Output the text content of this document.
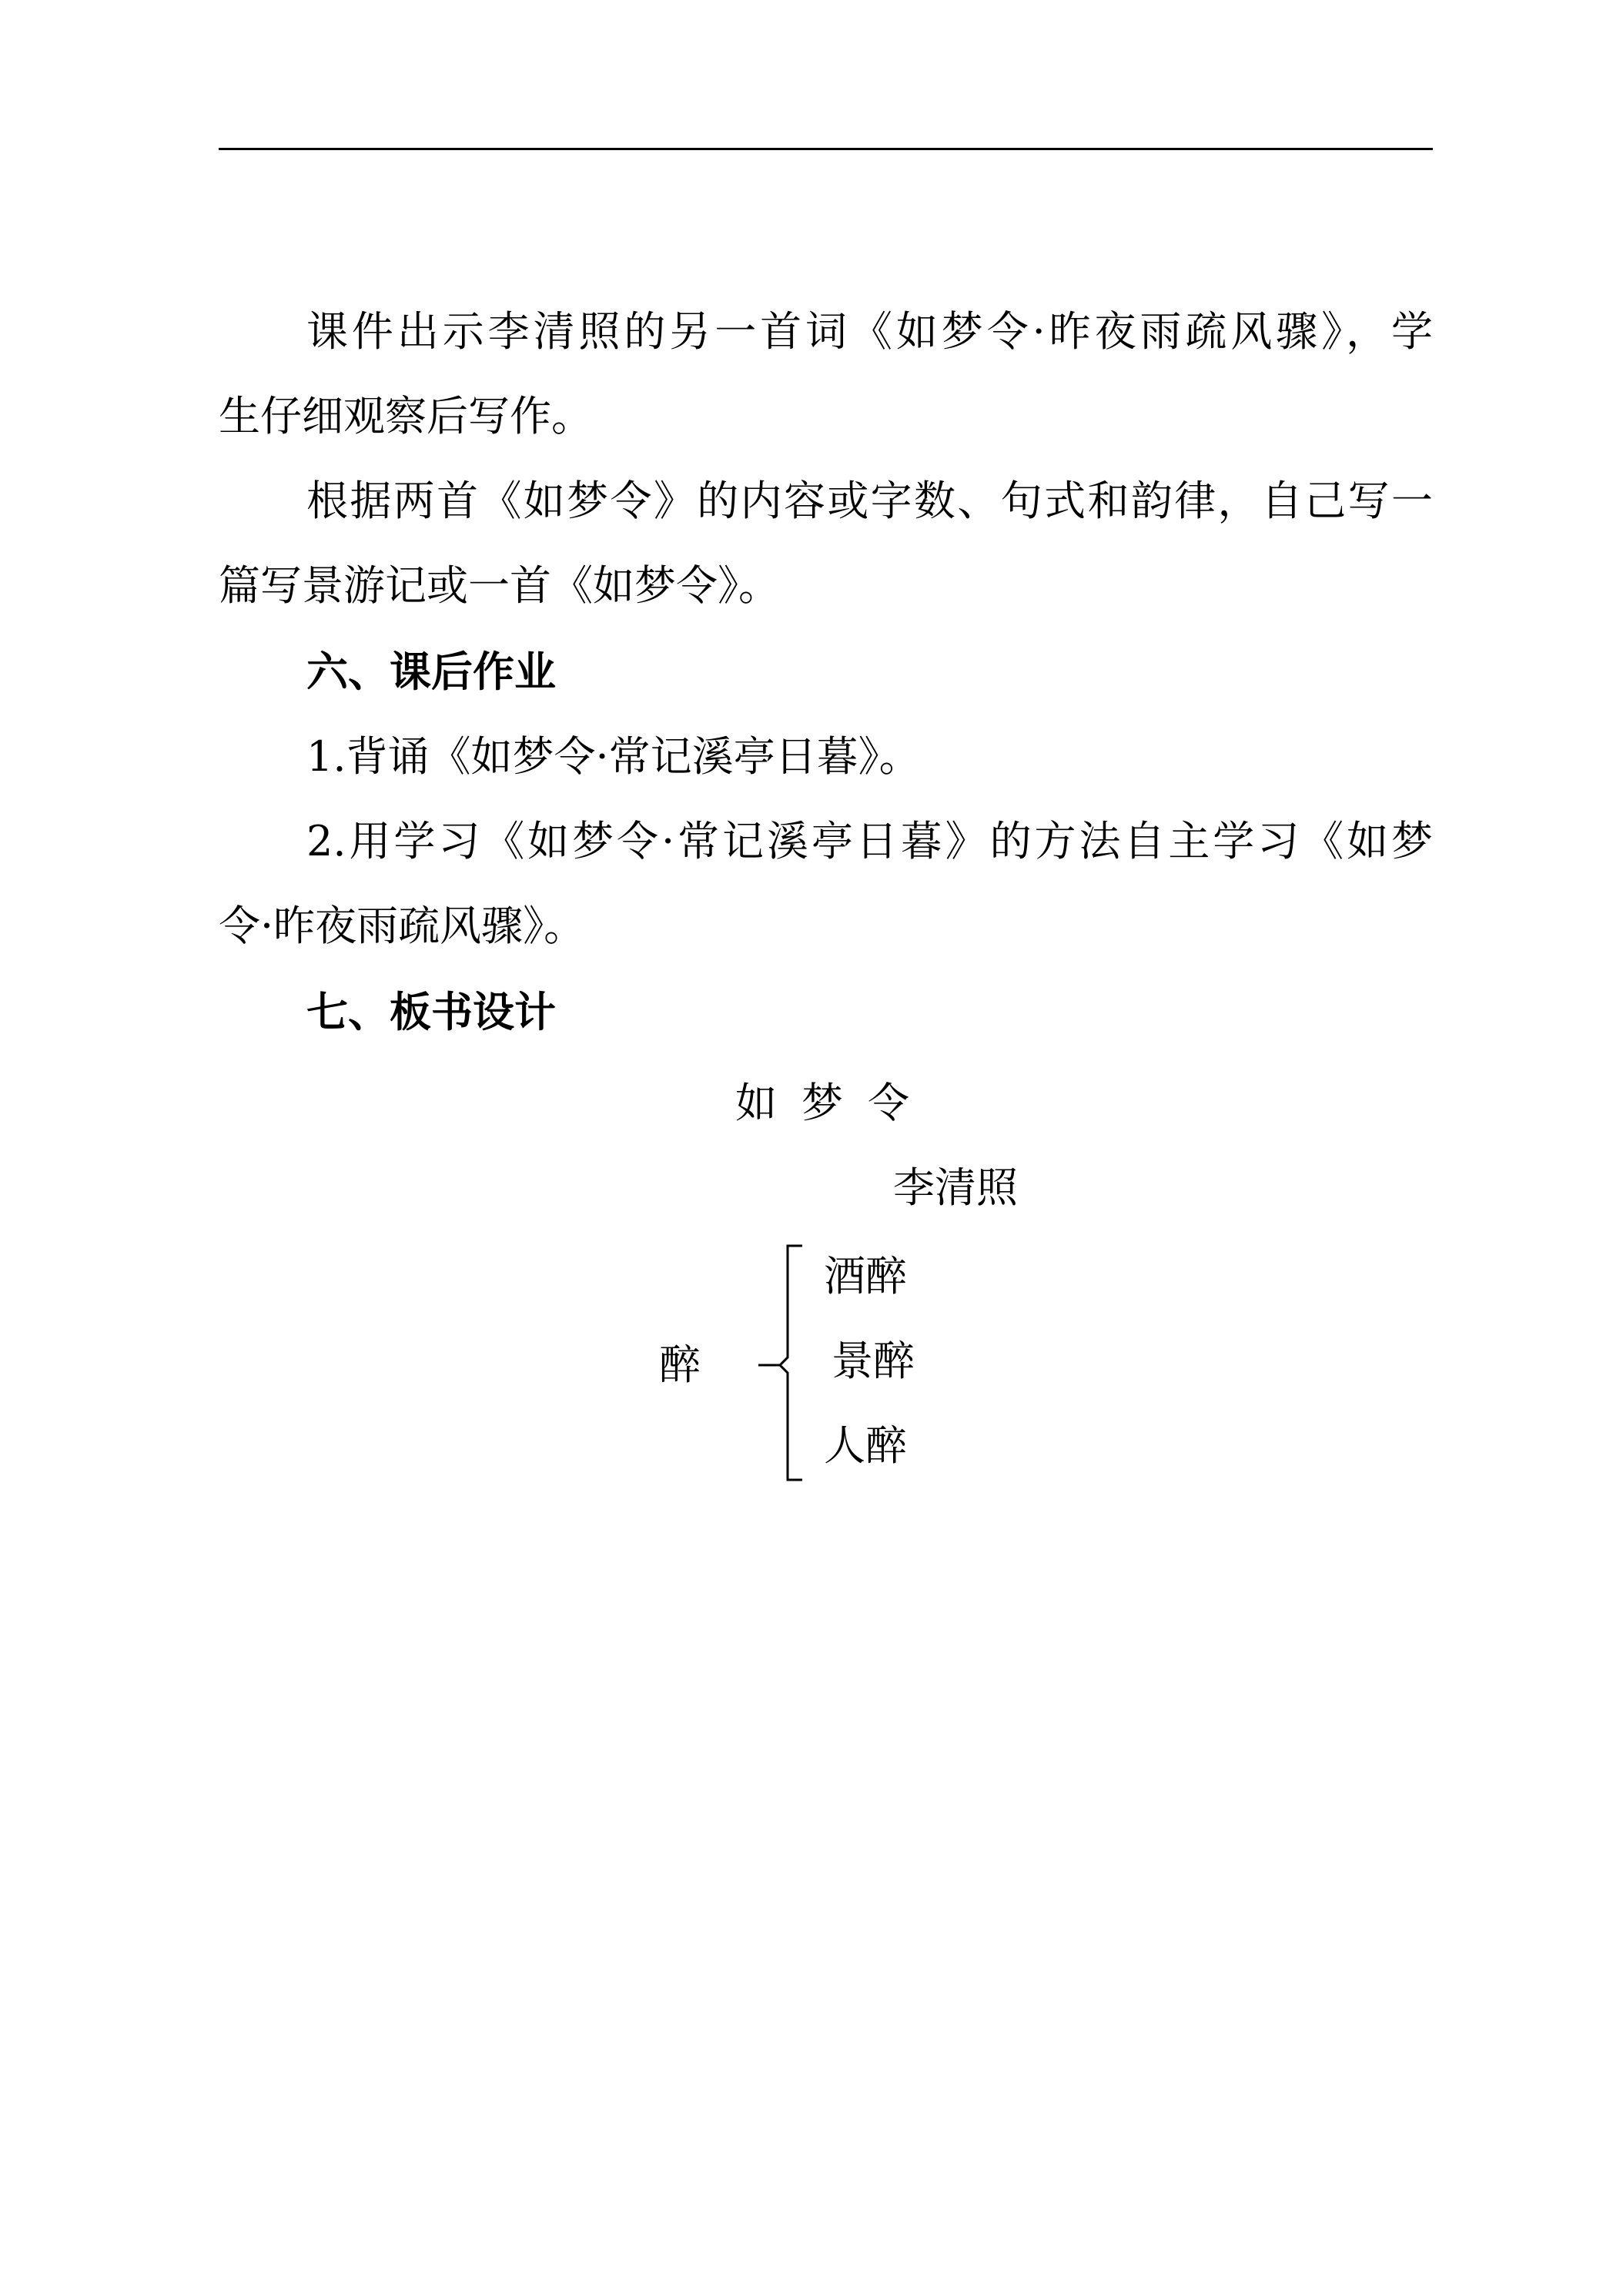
课件出示李清照的另一首词《如梦令·昨夜雨疏风骤》，学
生仔细观察后写作。
根据两首《如梦令》的内容或字数、句式和韵律，自己写一
篇写景游记或一首《如梦令》。
六、课后作业
1.背诵《如梦令·常记溪亭日暮》。
2.用学习《如梦令·常记溪亭日暮》的方法自主学习《如梦
令·昨夜雨疏风骤》。
七、板书设计
如梦令
李清照
醉
酒醉
景醉
人醉
